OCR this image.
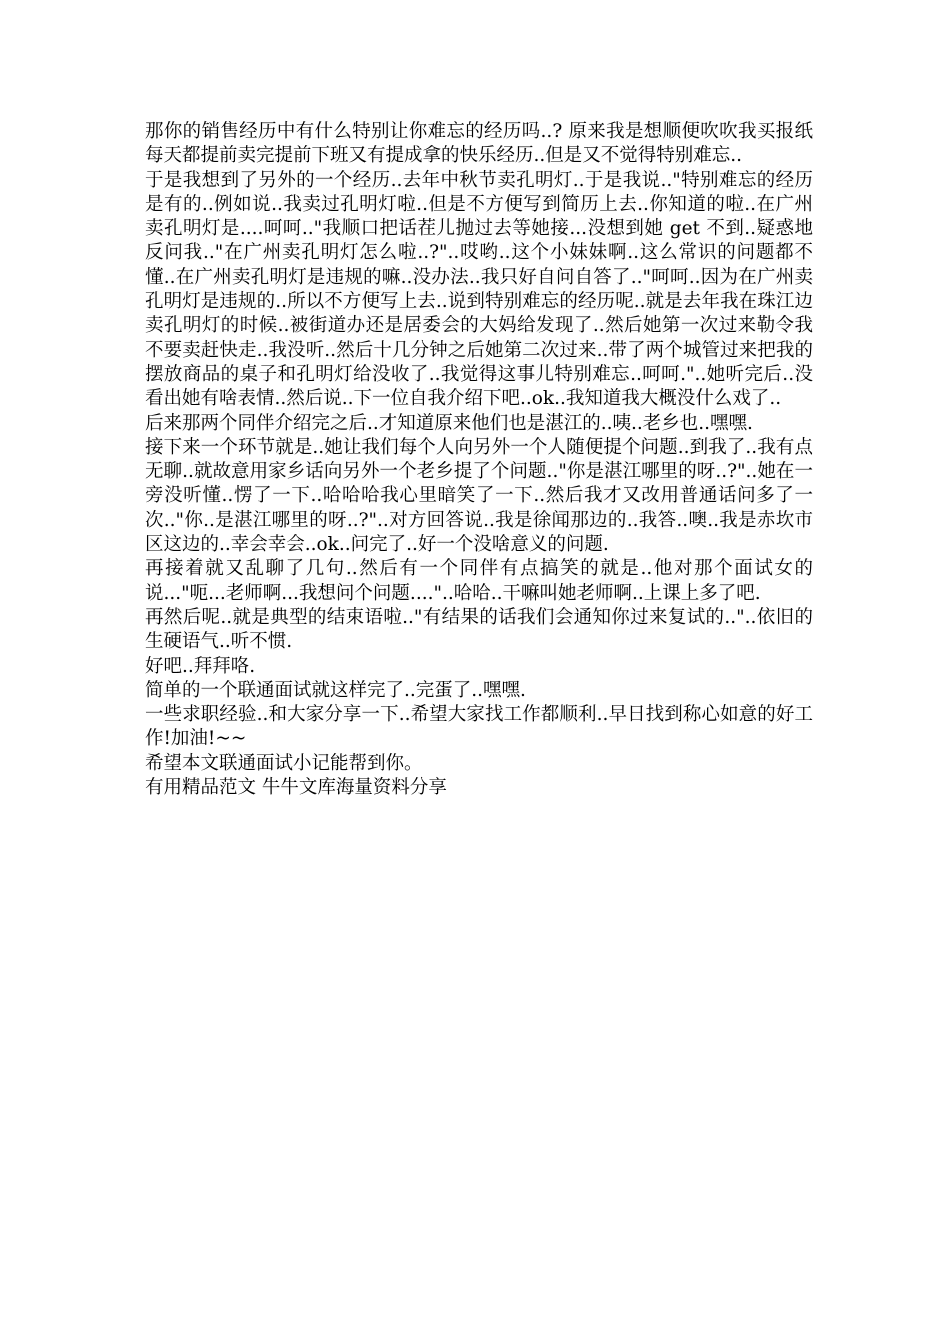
那你的销售经历中有什么特别让你难忘的经历吗..? 原来我是想顺便吹吹我买报纸每天都提前卖完提前下班又有提成拿的快乐经历..但是又不觉得特别难忘..

于是我想到了另外的一个经历..去年中秋节卖孔明灯..于是我说.."特别难忘的经历是有的..例如说..我卖过孔明灯啦..但是不方便写到简历上去..你知道的啦..在广州卖孔明灯是....呵呵.."我顺口把话茬儿抛过去等她接...没想到她 get 不到..疑惑地反问我.."在广州卖孔明灯怎么啦..?"..哎哟..这个小妹妹啊..这么常识的问题都不懂..在广州卖孔明灯是违规的嘛..没办法..我只好自问自答了.."呵呵..因为在广州卖孔明灯是违规的..所以不方便写上去..说到特别难忘的经历呢..就是去年我在珠江边卖孔明灯的时候..被街道办还是居委会的大妈给发现了..然后她第一次过来勒令我不要卖赶快走..我没听..然后十几分钟之后她第二次过来..带了两个城管过来把我的摆放商品的桌子和孔明灯给没收了..我觉得这事儿特别难忘..呵呵."..她听完后..没看出她有啥表情..然后说..下一位自我介绍下吧..ok..我知道我大概没什么戏了..

后来那两个同伴介绍完之后..才知道原来他们也是湛江的..咦..老乡也..嘿嘿.

接下来一个环节就是..她让我们每个人向另外一个人随便提个问题..到我了..我有点无聊..就故意用家乡话向另外一个老乡提了个问题.."你是湛江哪里的呀..?"..她在一旁没听懂..愣了一下..哈哈哈我心里暗笑了一下..然后我才又改用普通话问多了一次.."你..是湛江哪里的呀..?"..对方回答说..我是徐闻那边的..我答..噢..我是赤坎市区这边的..幸会幸会..ok..问完了..好一个没啥意义的问题.

再接着就又乱聊了几句..然后有一个同伴有点搞笑的就是..他对那个面试女的说..."呃...老师啊...我想问个问题...."..哈哈..干嘛叫她老师啊..上课上多了吧.

再然后呢..就是典型的结束语啦.."有结果的话我们会通知你过来复试的.."..依旧的生硬语气..听不惯.

好吧..拜拜咯.

简单的一个联通面试就这样完了..完蛋了..嘿嘿.

一些求职经验..和大家分享一下..希望大家找工作都顺利..早日找到称心如意的好工作!加油!~~

希望本文联通面试小记能帮到你。

有用精品范文 牛牛文库海量资料分享
